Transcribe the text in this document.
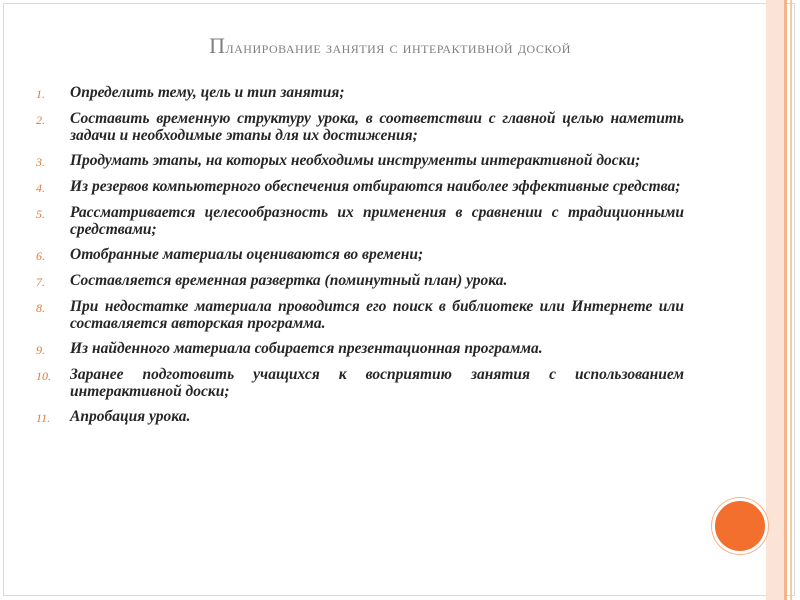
Планирование занятия с интерактивной доской
1.	Определить тему, цель и тип занятия;
2.	Составить временную структуру урока, в соответствии с главной целью наметить задачи и необходимые этапы для их достижения;
3.	Продумать этапы, на которых необходимы инструменты интерактивной доски;
4.	Из резервов компьютерного обеспечения отбираются наиболее эффективные средства;
5.	Рассматривается целесообразность их применения в сравнении с традиционными средствами;
6.	Отобранные материалы оцениваются во времени;
7.	Составляется временная развертка (поминутный план) урока.
8.	При недостатке материала проводится его поиск в библиотеке или Интернете или составляется авторская программа.
9.	Из найденного материала собирается презентационная программа.
10.	Заранее подготовить учащихся к восприятию занятия с использованием интерактивной доски;
11.	Апробация урока.
